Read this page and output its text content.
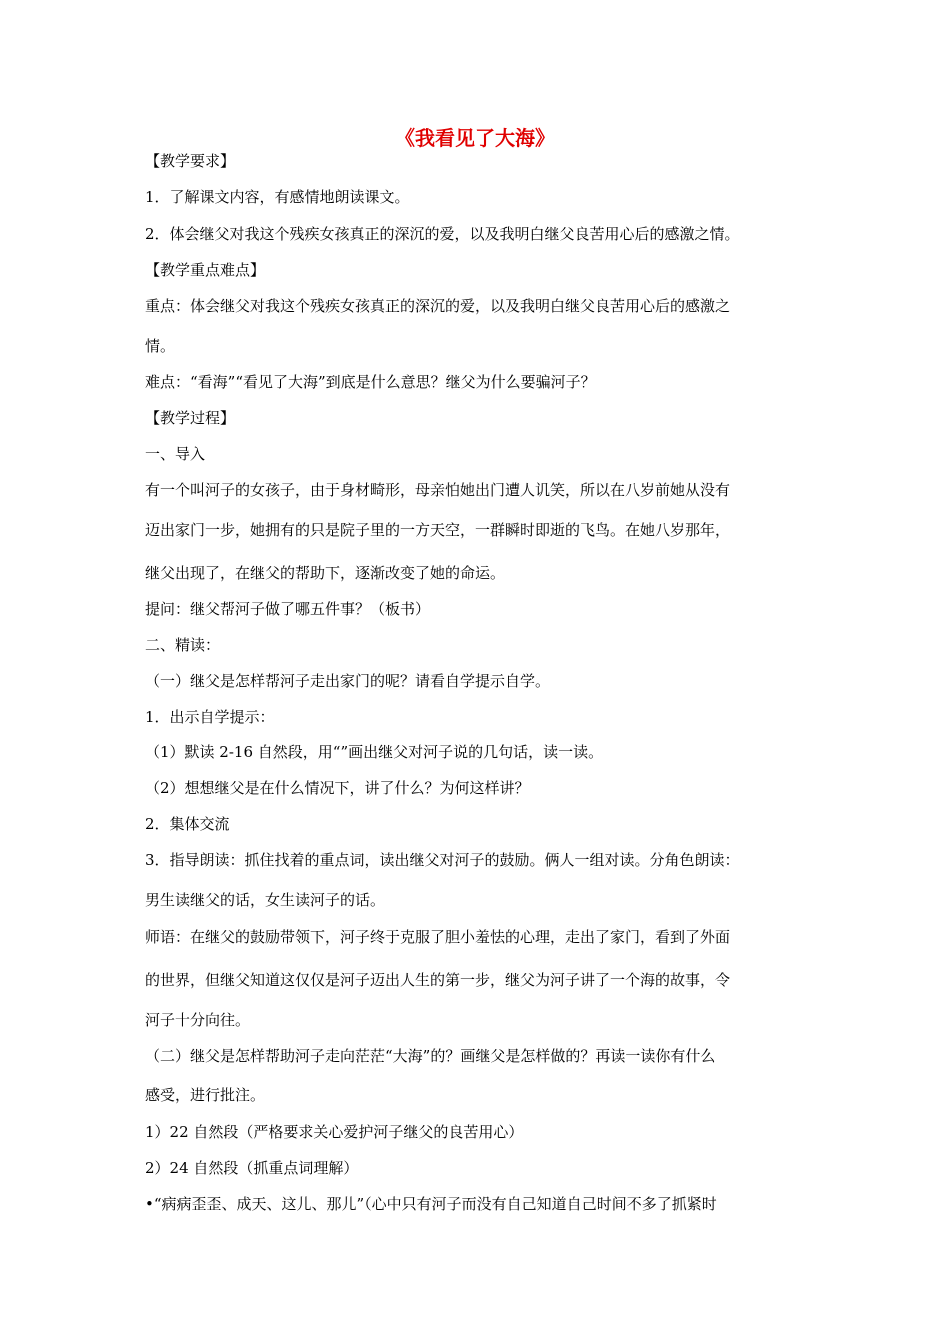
《我看见了大海》
【教学要求】
1．了解课文内容，有感情地朗读课文。
2．体会继父对我这个残疾女孩真正的深沉的爱，以及我明白继父良苦用心后的感激之情。
【教学重点难点】
重点：体会继父对我这个残疾女孩真正的深沉的爱，以及我明白继父良苦用心后的感激之
情。
难点：“看海”“看见了大海”到底是什么意思？继父为什么要骗河子？
【教学过程】
一、导入
有一个叫河子的女孩子，由于身材畸形，母亲怕她出门遭人讥笑，所以在八岁前她从没有
迈出家门一步，她拥有的只是院子里的一方天空，一群瞬时即逝的飞鸟。在她八岁那年，
继父出现了，在继父的帮助下，逐渐改变了她的命运。
提问：继父帮河子做了哪五件事？（板书）
二、精读：
（一）继父是怎样帮河子走出家门的呢？请看自学提示自学。
1．出示自学提示：
（1）默读 2-16 自然段，用“”画出继父对河子说的几句话，读一读。
（2）想想继父是在什么情况下，讲了什么？为何这样讲？
2．集体交流
3．指导朗读：抓住找着的重点词，读出继父对河子的鼓励。俩人一组对读。分角色朗读：
男生读继父的话，女生读河子的话。
师语：在继父的鼓励带领下，河子终于克服了胆小羞怯的心理，走出了家门，看到了外面
的世界，但继父知道这仅仅是河子迈出人生的第一步，继父为河子讲了一个海的故事，令
河子十分向往。
（二）继父是怎样帮助河子走向茫茫“大海”的？画继父是怎样做的？再读一读你有什么
感受，进行批注。
1）22 自然段（严格要求关心爱护河子继父的良苦用心）
2）24 自然段（抓重点词理解）
•“病病歪歪、成天、这儿、那儿”（心中只有河子而没有自己知道自己时间不多了抓紧时
